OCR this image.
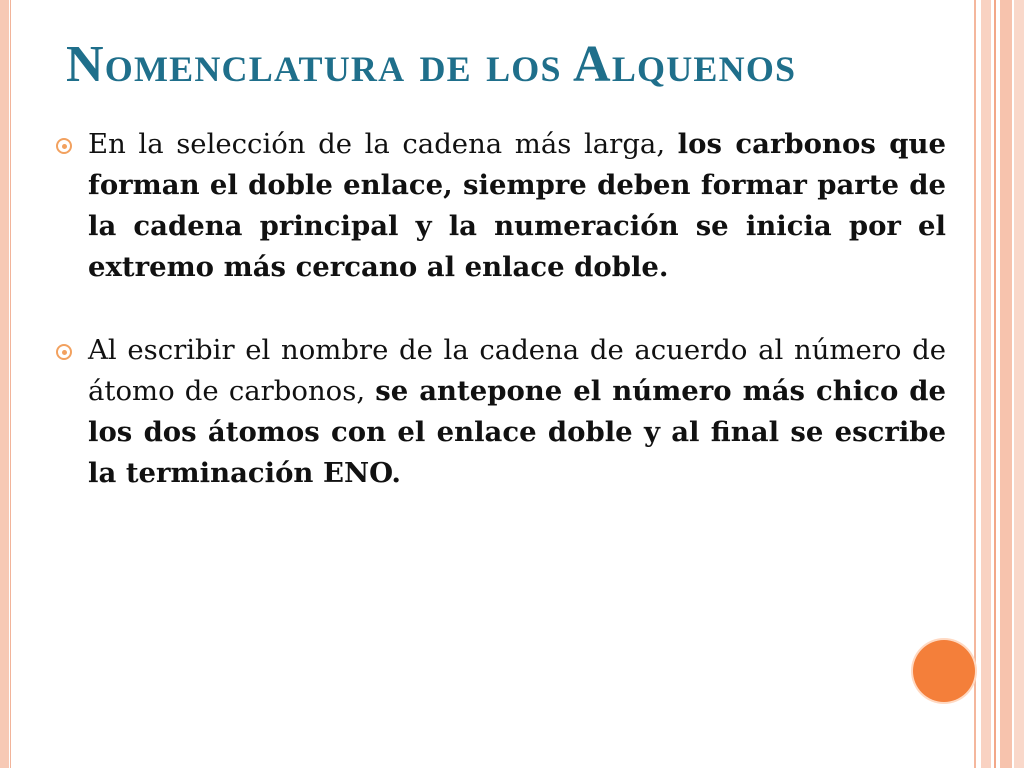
Nomenclatura de los Alquenos
En la selección de la cadena más larga, los carbonos que forman el doble enlace, siempre deben formar parte de la cadena principal y la numeración se inicia por el extremo más cercano al enlace doble.
Al escribir el nombre de la cadena de acuerdo al número de átomo de carbonos, se antepone el número más chico de los dos átomos con el enlace doble y al final se escribe la terminación ENO.
